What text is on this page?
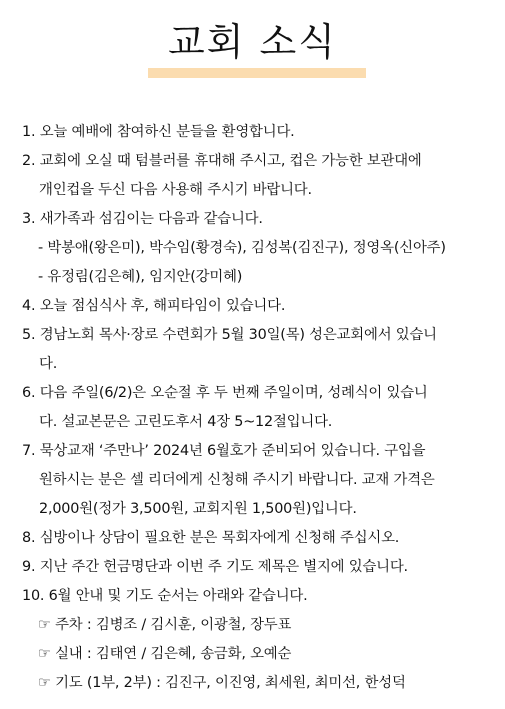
교회 소식
1. 오늘 예배에 참여하신 분들을 환영합니다.
2. 교회에 오실 때 텀블러를 휴대해 주시고, 컵은 가능한 보관대에
개인컵을 두신 다음 사용해 주시기 바랍니다.
3. 새가족과 섬김이는 다음과 같습니다.
- 박봉애(왕은미), 박수임(황경숙), 김성복(김진구), 정영옥(신아주)
- 유정림(김은혜), 임지안(강미혜)
4. 오늘 점심식사 후, 해피타임이 있습니다.
5. 경남노회 목사·장로 수련회가 5월 30일(목) 성은교회에서 있습니
다.
6. 다음 주일(6/2)은 오순절 후 두 번째 주일이며, 성례식이 있습니
다. 설교본문은 고린도후서 4장 5~12절입니다.
7. 묵상교재 ‘주만나’ 2024년 6월호가 준비되어 있습니다. 구입을
원하시는 분은 셀 리더에게 신청해 주시기 바랍니다. 교재 가격은
2,000원(정가 3,500원, 교회지원 1,500원)입니다.
8. 심방이나 상담이 필요한 분은 목회자에게 신청해 주십시오.
9. 지난 주간 헌금명단과 이번 주 기도 제목은 별지에 있습니다.
10. 6월 안내 및 기도 순서는 아래와 같습니다.
☞ 주차 : 김병조 / 김시훈, 이광철, 장두표
☞ 실내 : 김태연 / 김은혜, 송금화, 오예순
☞ 기도 (1부, 2부) : 김진구, 이진영, 최세원, 최미선, 한성덕
